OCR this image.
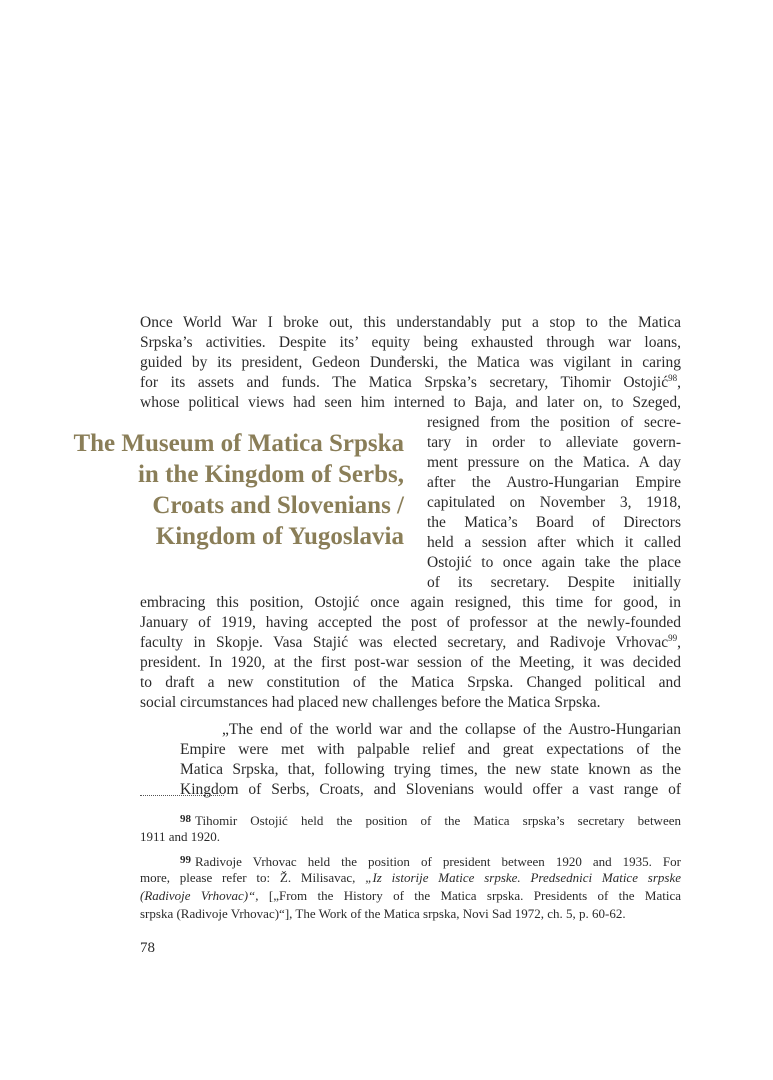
The Museum of Matica Srpska
in the Kingdom of Serbs,
Croats and Slovenians /
Kingdom of Yugoslavia

Once World War I broke out, this understandably put a stop to the Matica

Srpska’s activities. Despite its’ equity being exhausted through war loans,

guided by its president, Gedeon Dunđerski, the Matica was vigilant in caring

for its assets and funds. The Matica Srpska’s secretary, Tihomir Ostojić$^{98}$,

whose political views had seen him interned to Baja, and later on, to Szeged,

resigned from the position of secre-

tary in order to alleviate govern-

ment pressure on the Matica. A day

after the Austro-Hungarian Empire

capitulated on November 3, 1918,

the Matica’s Board of Directors

held a session after which it called

Ostojić to once again take the place

of its secretary. Despite initially

embracing this position, Ostojić once again resigned, this time for good, in

January of 1919, having accepted the post of professor at the newly-founded

faculty in Skopje. Vasa Stajić was elected secretary, and Radivoje Vrhovac$^{99}$,

president. In 1920, at the first post-war session of the Meeting, it was decided

to draft a new constitution of the Matica Srpska. Changed political and

social circumstances had placed new challenges before the Matica Srpska.

„The end of the world war and the collapse of the Austro-Hungarian

Empire were met with palpable relief and great expectations of the

Matica Srpska, that, following trying times, the new state known as the

Kingdom of Serbs, Croats, and Slovenians would offer a vast range of

$^{98}$ Tihomir Ostojić held the position of the Matica srpska’s secretary between

1911 and 1920.

$^{99}$ Radivoje Vrhovac held the position of president between 1920 and 1935. For

more, please refer to: Ž. Milisavac, „Iz istorije Matice srpske. Predsednici Matice srpske

(Radivoje Vrhovac)“, [„From the History of the Matica srpska. Presidents of the Matica

srpska (Radivoje Vrhovac)“], The Work of the Matica srpska, Novi Sad 1972, ch. 5, p. 60-62.

78
